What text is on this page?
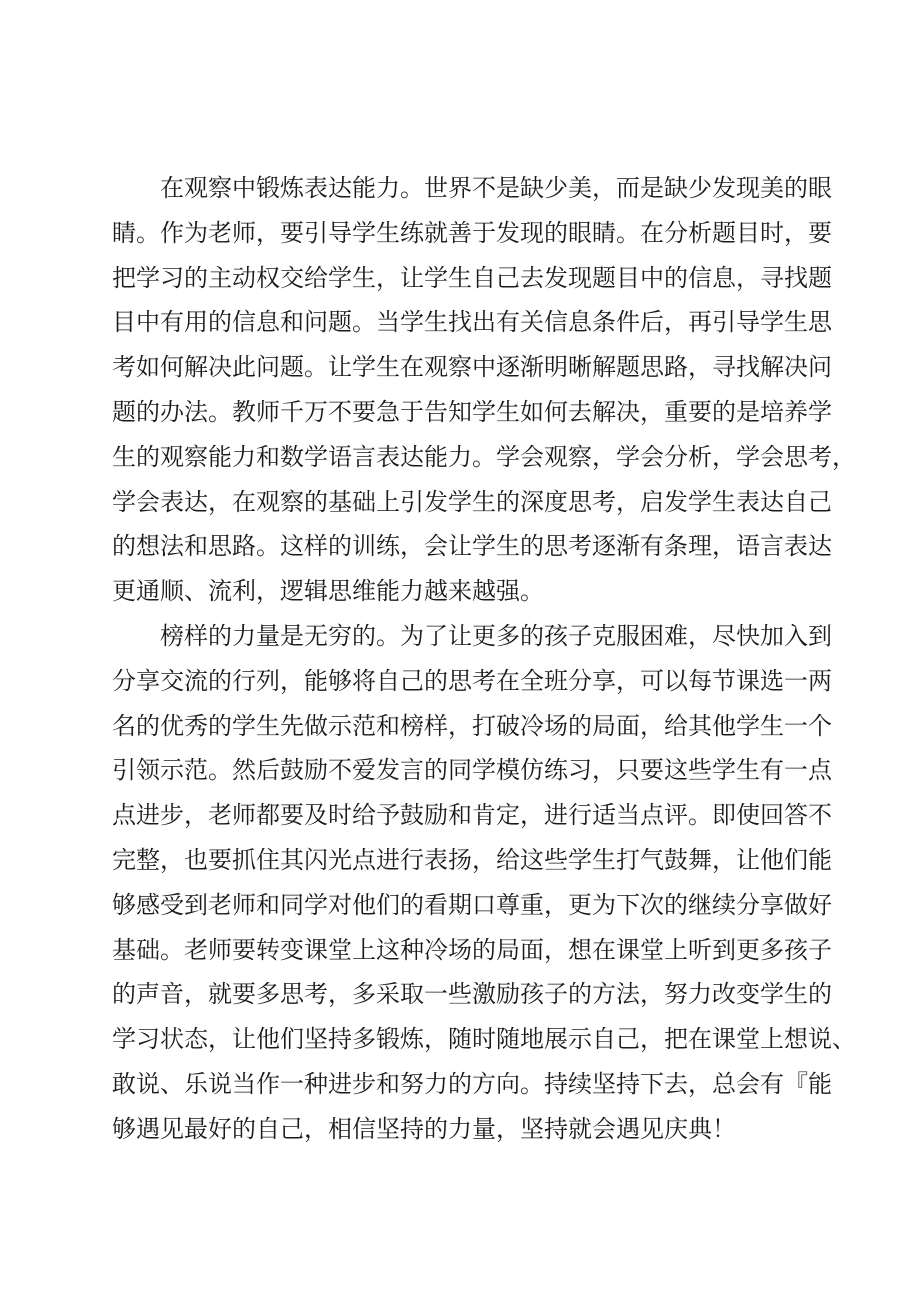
在观察中锻炼表达能力。世界不是缺少美，而是缺少发现美的眼
睛。作为老师，要引导学生练就善于发现的眼睛。在分析题目时，要
把学习的主动权交给学生，让学生自己去发现题目中的信息，寻找题
目中有用的信息和问题。当学生找出有关信息条件后，再引导学生思
考如何解决此问题。让学生在观察中逐渐明晰解题思路，寻找解决问
题的办法。教师千万不要急于告知学生如何去解决，重要的是培养学
生的观察能力和数学语言表达能力。学会观察，学会分析，学会思考，
学会表达，在观察的基础上引发学生的深度思考，启发学生表达自己
的想法和思路。这样的训练，会让学生的思考逐渐有条理，语言表达
更通顺、流利，逻辑思维能力越来越强。
榜样的力量是无穷的。为了让更多的孩子克服困难，尽快加入到
分享交流的行列，能够将自己的思考在全班分享，可以每节课选一两
名的优秀的学生先做示范和榜样，打破冷场的局面，给其他学生一个
引领示范。然后鼓励不爱发言的同学模仿练习，只要这些学生有一点
点进步，老师都要及时给予鼓励和肯定，进行适当点评。即使回答不
完整，也要抓住其闪光点进行表扬，给这些学生打气鼓舞，让他们能
够感受到老师和同学对他们的看期口尊重，更为下次的继续分享做好
基础。老师要转变课堂上这种冷场的局面，想在课堂上听到更多孩子
的声音，就要多思考，多采取一些激励孩子的方法，努力改变学生的
学习状态，让他们坚持多锻炼，随时随地展示自己，把在课堂上想说、
敢说、乐说当作一种进步和努力的方向。持续坚持下去，总会有『能
够遇见最好的自己，相信坚持的力量，坚持就会遇见庆典！
